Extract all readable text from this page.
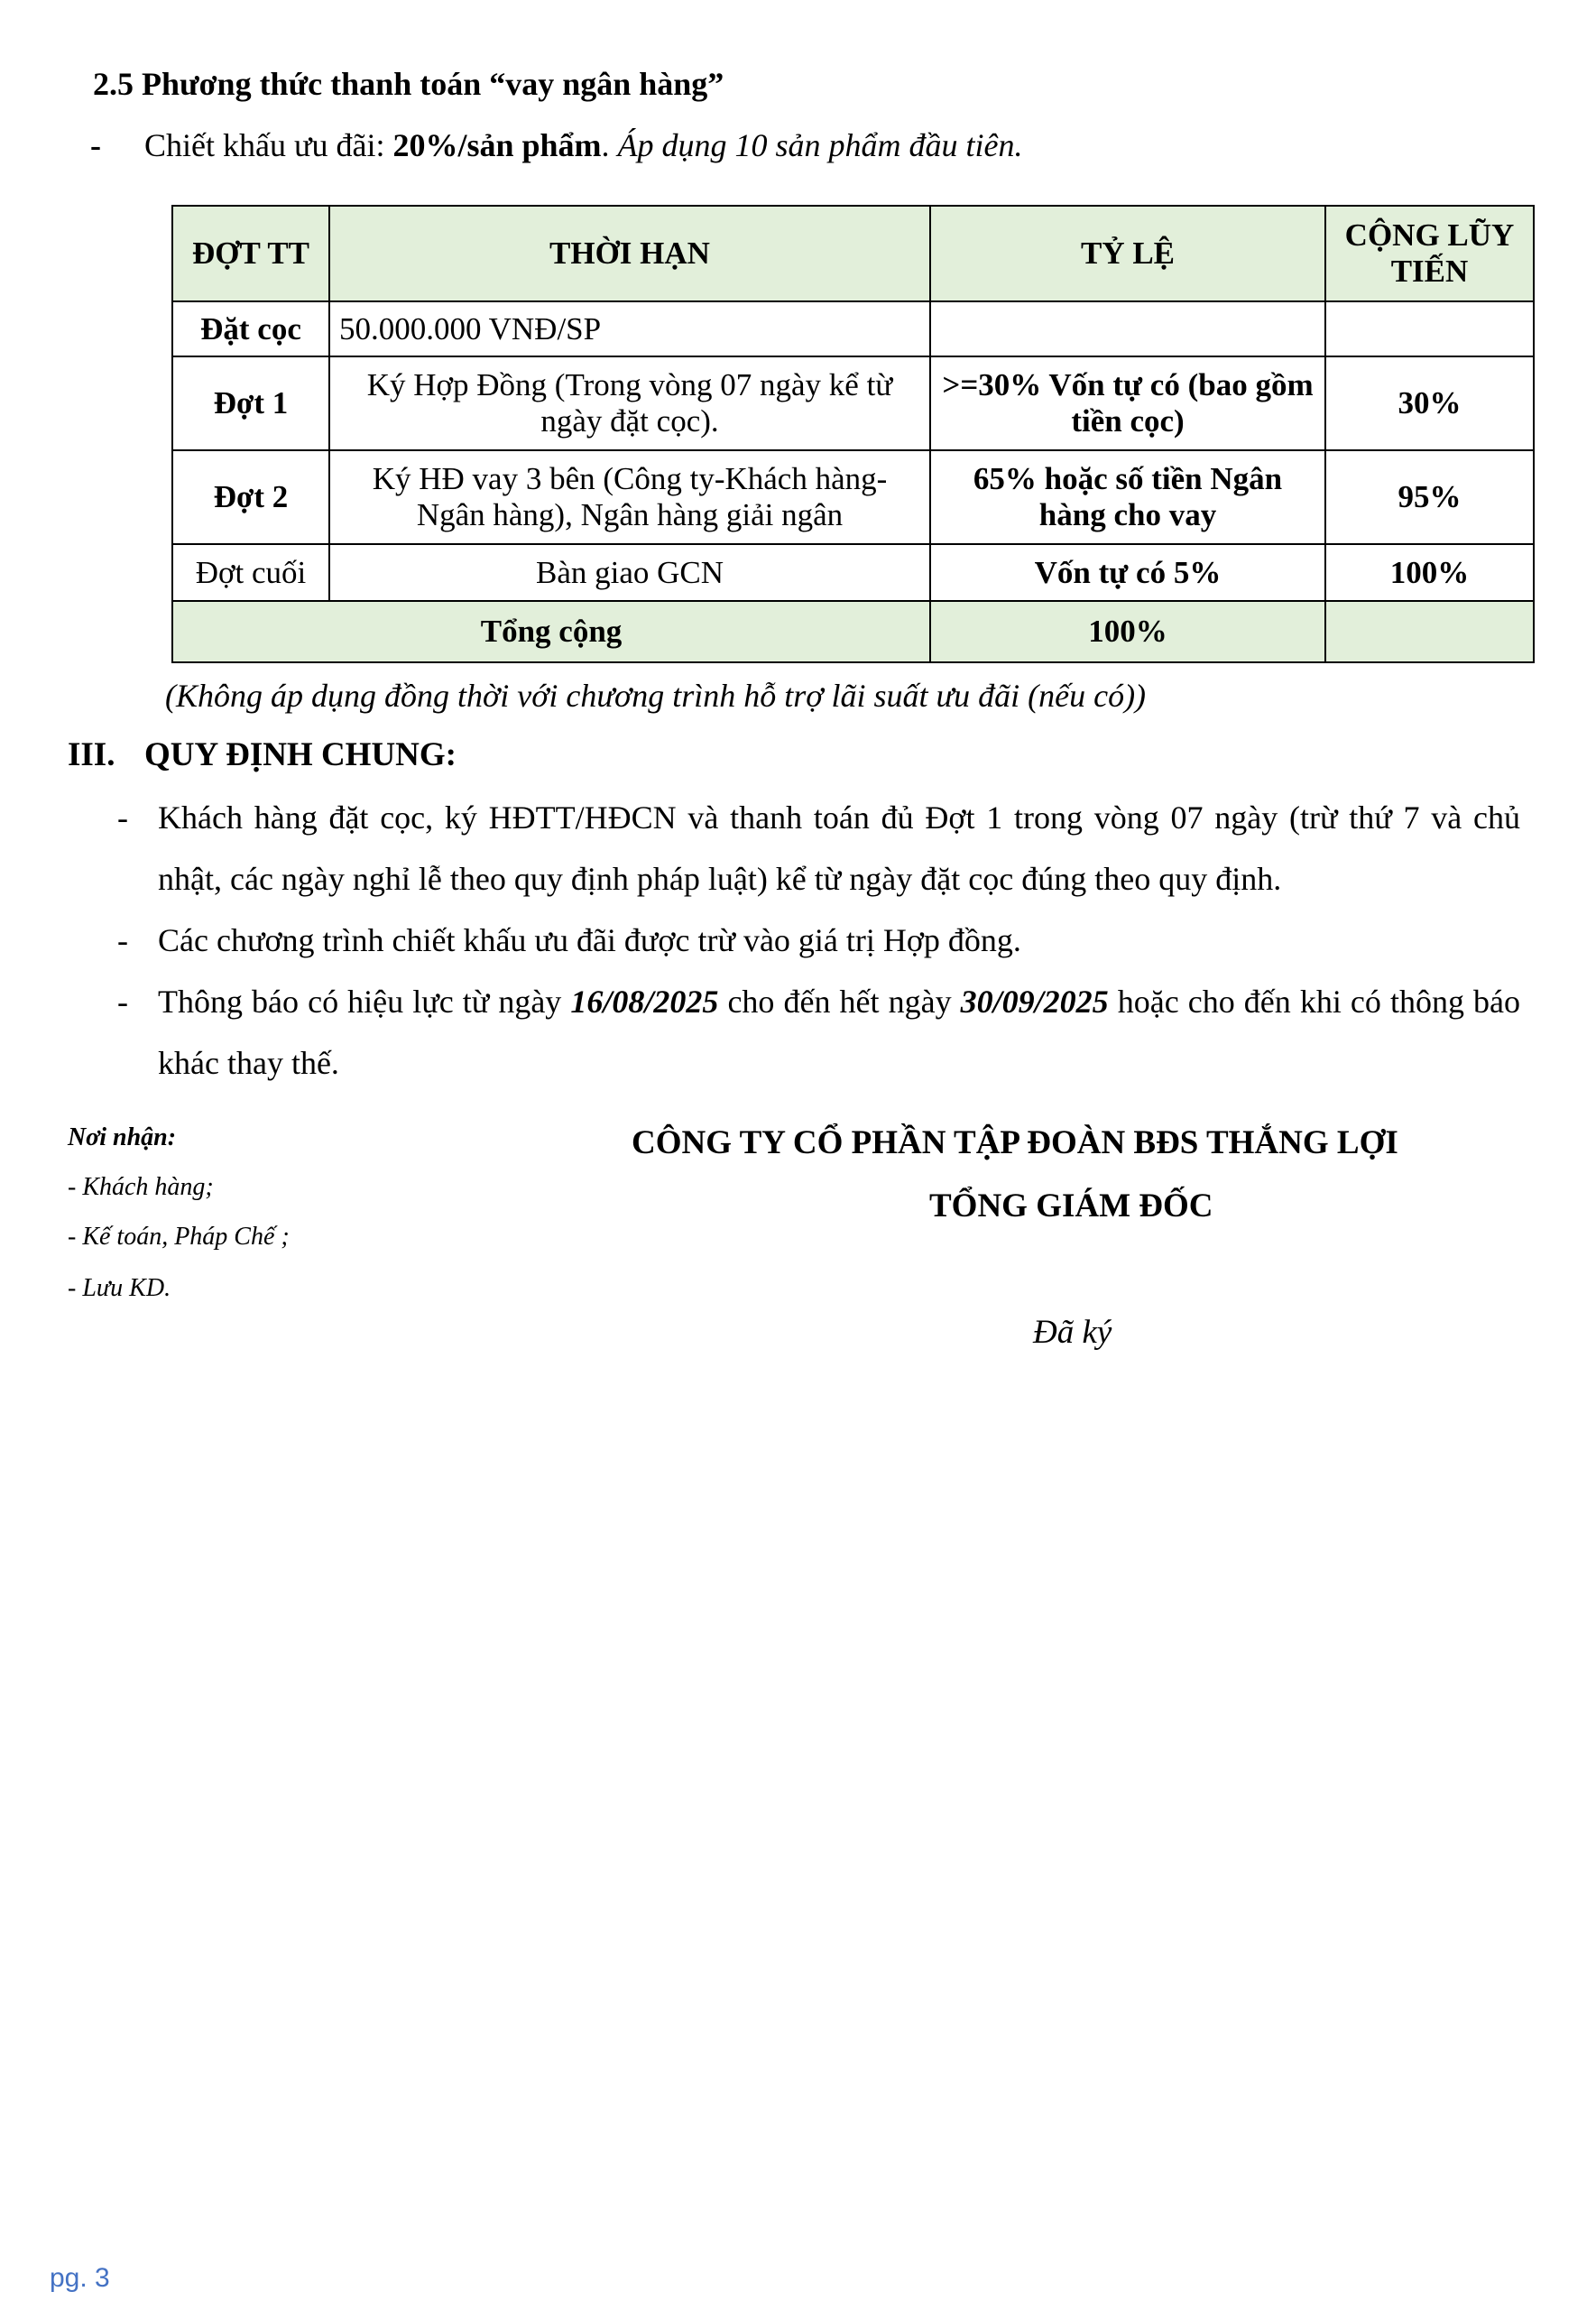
2.5 Phương thức thanh toán “vay ngân hàng”
- Chiết khấu ưu đãi: 20%/sản phẩm. Áp dụng 10 sản phẩm đầu tiên.
ĐỢT TT	THỜI HẠN	TỶ LỆ	CỘNG LŨY TIẾN
Đặt cọc	50.000.000 VNĐ/SP		
Đợt 1	Ký Hợp Đồng (Trong vòng 07 ngày kể từ ngày đặt cọc).	>=30% Vốn tự có (bao gồm tiền cọc)	30%
Đợt 2	Ký HĐ vay 3 bên (Công ty-Khách hàng-Ngân hàng), Ngân hàng giải ngân	65% hoặc số tiền Ngân hàng cho vay	95%
Đợt cuối	Bàn giao GCN	Vốn tự có 5%	100%
Tổng cộng		100%	
(Không áp dụng đồng thời với chương trình hỗ trợ lãi suất ưu đãi (nếu có))
III. QUY ĐỊNH CHUNG:
- Khách hàng đặt cọc, ký HĐTT/HĐCN và thanh toán đủ Đợt 1 trong vòng 07 ngày (trừ thứ 7 và chủ nhật, các ngày nghỉ lễ theo quy định pháp luật) kể từ ngày đặt cọc đúng theo quy định.
- Các chương trình chiết khấu ưu đãi được trừ vào giá trị Hợp đồng.
- Thông báo có hiệu lực từ ngày 16/08/2025 cho đến hết ngày 30/09/2025 hoặc cho đến khi có thông báo khác thay thế.
Nơi nhận:
- Khách hàng;
- Kế toán, Pháp Chế ;
- Lưu KD.
CÔNG TY CỔ PHẦN TẬP ĐOÀN BĐS THẮNG LỢI
TỔNG GIÁM ĐỐC
Đã ký
pg. 3
